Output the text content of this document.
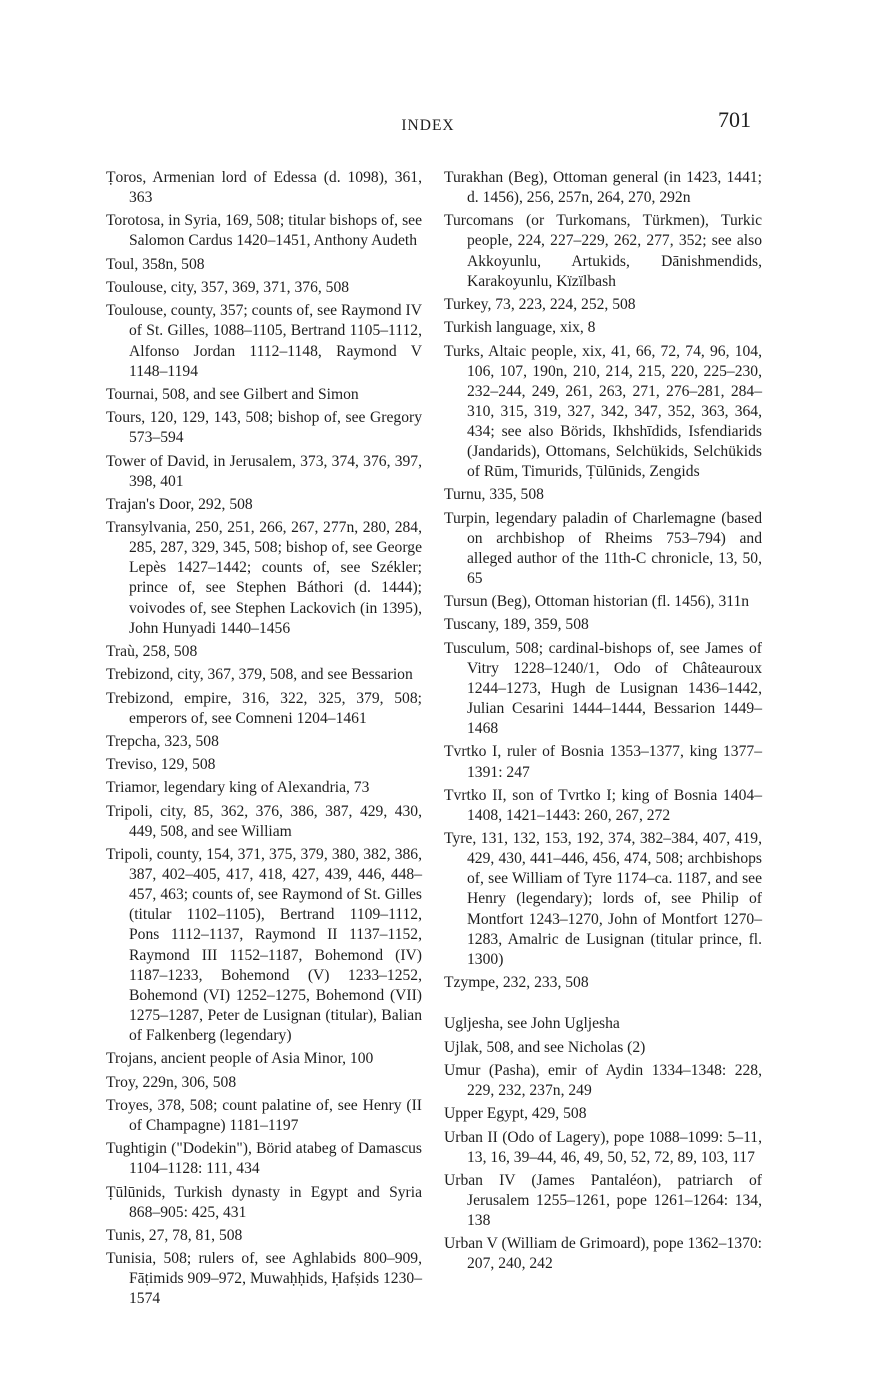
INDEX	701
Ṭoros, Armenian lord of Edessa (d. 1098), 361, 363
Torotosa, in Syria, 169, 508; titular bishops of, see Salomon Cardus 1420–1451, Anthony Audeth
Toul, 358n, 508
Toulouse, city, 357, 369, 371, 376, 508
Toulouse, county, 357; counts of, see Raymond IV of St. Gilles, 1088–1105, Bertrand 1105–1112, Alfonso Jordan 1112–1148, Raymond V 1148–1194
Tournai, 508, and see Gilbert and Simon
Tours, 120, 129, 143, 508; bishop of, see Gregory 573–594
Tower of David, in Jerusalem, 373, 374, 376, 397, 398, 401
Trajan's Door, 292, 508
Transylvania, 250, 251, 266, 267, 277n, 280, 284, 285, 287, 329, 345, 508; bishop of, see George Lepès 1427–1442; counts of, see Székler; prince of, see Stephen Báthori (d. 1444); voivodes of, see Stephen Lackovich (in 1395), John Hunyadi 1440–1456
Traù, 258, 508
Trebizond, city, 367, 379, 508, and see Bessarion
Trebizond, empire, 316, 322, 325, 379, 508; emperors of, see Comneni 1204–1461
Trepcha, 323, 508
Treviso, 129, 508
Triamor, legendary king of Alexandria, 73
Tripoli, city, 85, 362, 376, 386, 387, 429, 430, 449, 508, and see William
Tripoli, county, 154, 371, 375, 379, 380, 382, 386, 387, 402–405, 417, 418, 427, 439, 446, 448–457, 463; counts of, see Raymond of St. Gilles (titular 1102–1105), Bertrand 1109–1112, Pons 1112–1137, Raymond II 1137–1152, Raymond III 1152–1187, Bohemond (IV) 1187–1233, Bohemond (V) 1233–1252, Bohemond (VI) 1252–1275, Bohemond (VII) 1275–1287, Peter de Lusignan (titular), Balian of Falkenberg (legendary)
Trojans, ancient people of Asia Minor, 100
Troy, 229n, 306, 508
Troyes, 378, 508; count palatine of, see Henry (II of Champagne) 1181–1197
Tughtigin ("Dodekin"), Börid atabeg of Damascus 1104–1128: 111, 434
Ṭūlūnids, Turkish dynasty in Egypt and Syria 868–905: 425, 431
Tunis, 27, 78, 81, 508
Tunisia, 508; rulers of, see Aghlabids 800–909, Fāṭimids 909–972, Muwaḥḥids, Ḥafṣids 1230–1574
Turakhan (Beg), Ottoman general (in 1423, 1441; d. 1456), 256, 257n, 264, 270, 292n
Turcomans (or Turkomans, Türkmen), Turkic people, 224, 227–229, 262, 277, 352; see also Akkoyunlu, Artukids, Dānishmendids, Karakoyunlu, Kïzïlbash
Turkey, 73, 223, 224, 252, 508
Turkish language, xix, 8
Turks, Altaic people, xix, 41, 66, 72, 74, 96, 104, 106, 107, 190n, 210, 214, 215, 220, 225–230, 232–244, 249, 261, 263, 271, 276–281, 284–310, 315, 319, 327, 342, 347, 352, 363, 364, 434; see also Börids, Ikhshīdids, Isfendiarids (Jandarids), Ottomans, Selchükids, Selchükids of Rūm, Timurids, Ṭūlūnids, Zengids
Turnu, 335, 508
Turpin, legendary paladin of Charlemagne (based on archbishop of Rheims 753–794) and alleged author of the 11th-C chronicle, 13, 50, 65
Tursun (Beg), Ottoman historian (fl. 1456), 311n
Tuscany, 189, 359, 508
Tusculum, 508; cardinal-bishops of, see James of Vitry 1228–1240/1, Odo of Châteauroux 1244–1273, Hugh de Lusignan 1436–1442, Julian Cesarini 1444–1444, Bessarion 1449–1468
Tvrtko I, ruler of Bosnia 1353–1377, king 1377–1391: 247
Tvrtko II, son of Tvrtko I; king of Bosnia 1404–1408, 1421–1443: 260, 267, 272
Tyre, 131, 132, 153, 192, 374, 382–384, 407, 419, 429, 430, 441–446, 456, 474, 508; archbishops of, see William of Tyre 1174–ca. 1187, and see Henry (legendary); lords of, see Philip of Montfort 1243–1270, John of Montfort 1270–1283, Amalric de Lusignan (titular prince, fl. 1300)
Tzympe, 232, 233, 508
Ugljesha, see John Ugljesha
Ujlak, 508, and see Nicholas (2)
Umur (Pasha), emir of Aydin 1334–1348: 228, 229, 232, 237n, 249
Upper Egypt, 429, 508
Urban II (Odo of Lagery), pope 1088–1099: 5–11, 13, 16, 39–44, 46, 49, 50, 52, 72, 89, 103, 117
Urban IV (James Pantaléon), patriarch of Jerusalem 1255–1261, pope 1261–1264: 134, 138
Urban V (William de Grimoard), pope 1362–1370: 207, 240, 242
